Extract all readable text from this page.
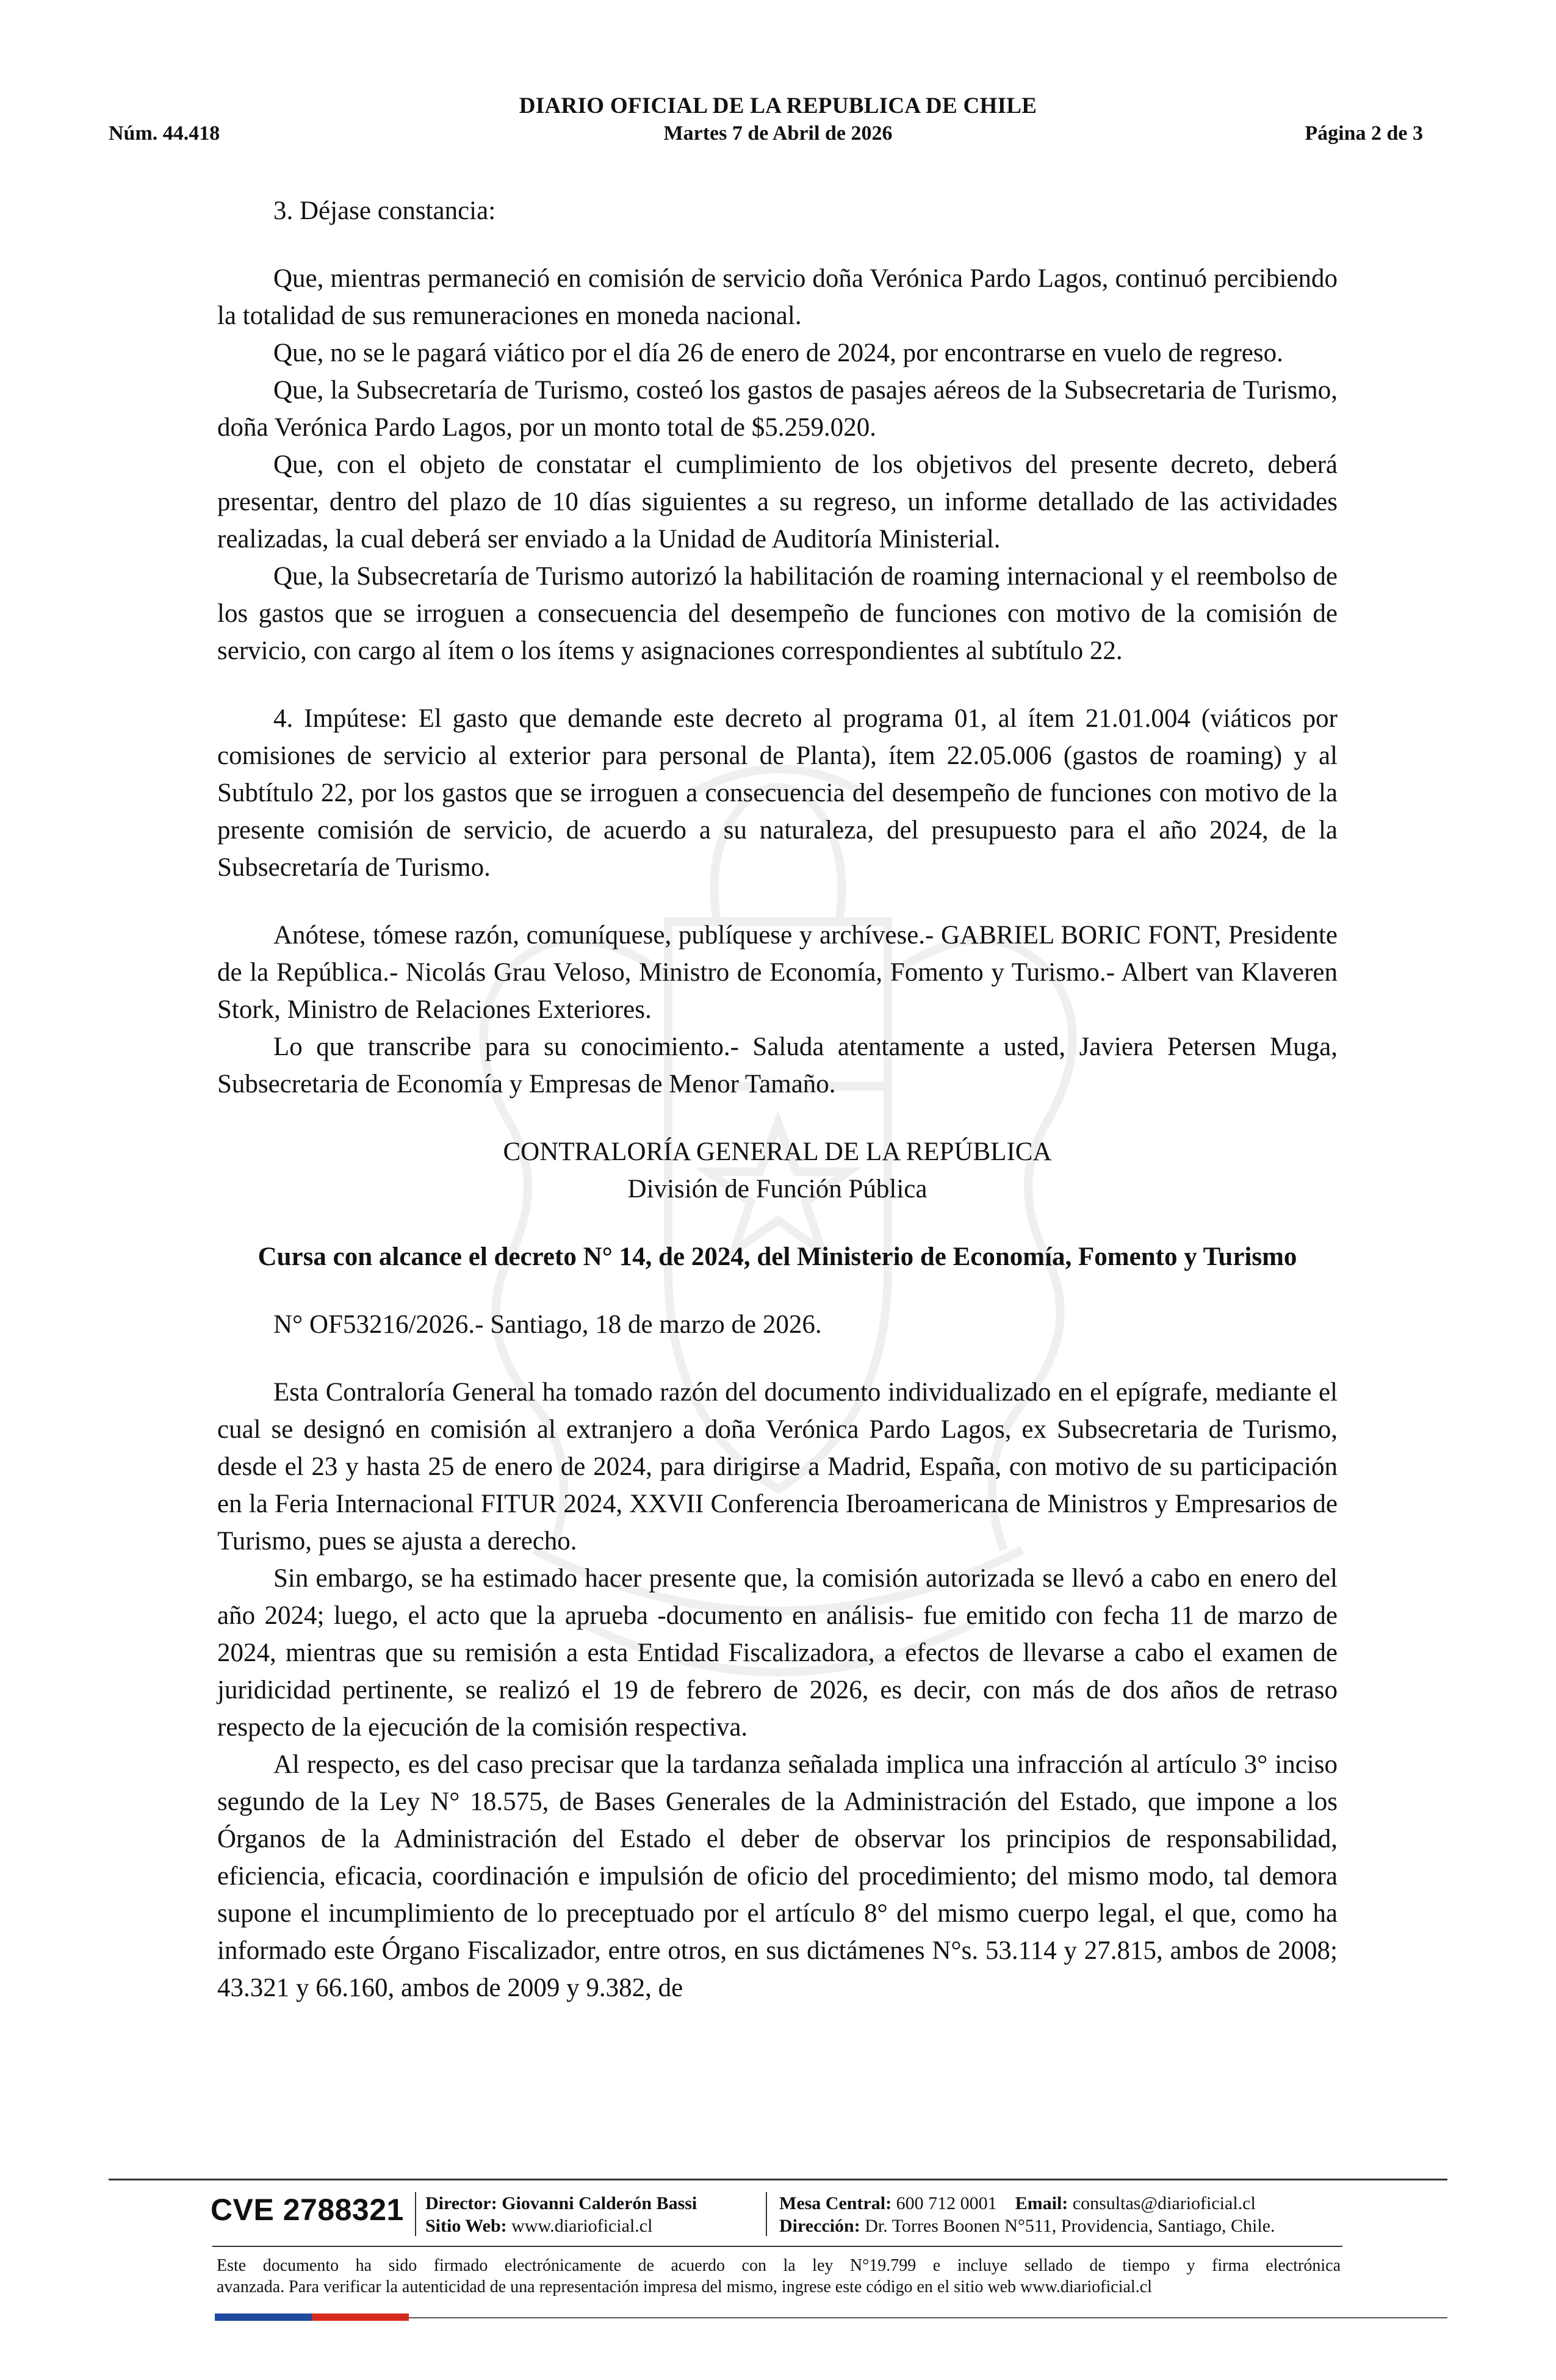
DIARIO OFICIAL DE LA REPUBLICA DE CHILE
Núm. 44.418	Martes 7 de Abril de 2026	Página 2 de 3

3. Déjase constancia:

Que, mientras permaneció en comisión de servicio doña Verónica Pardo Lagos, continuó percibiendo la totalidad de sus remuneraciones en moneda nacional.

Que, no se le pagará viático por el día 26 de enero de 2024, por encontrarse en vuelo de regreso.

Que, la Subsecretaría de Turismo, costeó los gastos de pasajes aéreos de la Subsecretaria de Turismo, doña Verónica Pardo Lagos, por un monto total de $5.259.020.

Que, con el objeto de constatar el cumplimiento de los objetivos del presente decreto, deberá presentar, dentro del plazo de 10 días siguientes a su regreso, un informe detallado de las actividades realizadas, la cual deberá ser enviado a la Unidad de Auditoría Ministerial.

Que, la Subsecretaría de Turismo autorizó la habilitación de roaming internacional y el reembolso de los gastos que se irroguen a consecuencia del desempeño de funciones con motivo de la comisión de servicio, con cargo al ítem o los ítems y asignaciones correspondientes al subtítulo 22.

4. Impútese: El gasto que demande este decreto al programa 01, al ítem 21.01.004 (viáticos por comisiones de servicio al exterior para personal de Planta), ítem 22.05.006 (gastos de roaming) y al Subtítulo 22, por los gastos que se irroguen a consecuencia del desempeño de funciones con motivo de la presente comisión de servicio, de acuerdo a su naturaleza, del presupuesto para el año 2024, de la Subsecretaría de Turismo.

Anótese, tómese razón, comuníquese, publíquese y archívese.- GABRIEL BORIC FONT, Presidente de la República.- Nicolás Grau Veloso, Ministro de Economía, Fomento y Turismo.- Albert van Klaveren Stork, Ministro de Relaciones Exteriores.

Lo que transcribe para su conocimiento.- Saluda atentamente a usted, Javiera Petersen Muga, Subsecretaria de Economía y Empresas de Menor Tamaño.

CONTRALORÍA GENERAL DE LA REPÚBLICA

División de Función Pública

Cursa con alcance el decreto N° 14, de 2024, del Ministerio de Economía, Fomento y Turismo

N° OF53216/2026.- Santiago, 18 de marzo de 2026.

Esta Contraloría General ha tomado razón del documento individualizado en el epígrafe, mediante el cual se designó en comisión al extranjero a doña Verónica Pardo Lagos, ex Subsecretaria de Turismo, desde el 23 y hasta 25 de enero de 2024, para dirigirse a Madrid, España, con motivo de su participación en la Feria Internacional FITUR 2024, XXVII Conferencia Iberoamericana de Ministros y Empresarios de Turismo, pues se ajusta a derecho.

Sin embargo, se ha estimado hacer presente que, la comisión autorizada se llevó a cabo en enero del año 2024; luego, el acto que la aprueba -documento en análisis- fue emitido con fecha 11 de marzo de 2024, mientras que su remisión a esta Entidad Fiscalizadora, a efectos de llevarse a cabo el examen de juridicidad pertinente, se realizó el 19 de febrero de 2026, es decir, con más de dos años de retraso respecto de la ejecución de la comisión respectiva.

Al respecto, es del caso precisar que la tardanza señalada implica una infracción al artículo 3° inciso segundo de la Ley N° 18.575, de Bases Generales de la Administración del Estado, que impone a los Órganos de la Administración del Estado el deber de observar los principios de responsabilidad, eficiencia, eficacia, coordinación e impulsión de oficio del procedimiento; del mismo modo, tal demora supone el incumplimiento de lo preceptuado por el artículo 8° del mismo cuerpo legal, el que, como ha informado este Órgano Fiscalizador, entre otros, en sus dictámenes N°s. 53.114 y 27.815, ambos de 2008; 43.321 y 66.160, ambos de 2009 y 9.382, de

CVE 2788321 Director: Giovanni Calderón Bassi
Sitio Web: www.diarioficial.cl
Mesa Central: 600 712 0001 Email: consultas@diarioficial.cl
Dirección: Dr. Torres Boonen N°511, Providencia, Santiago, Chile.
Este documento ha sido firmado electrónicamente de acuerdo con la ley N°19.799 e incluye sellado de tiempo y firma electrónica
avanzada. Para verificar la autenticidad de una representación impresa del mismo, ingrese este código en el sitio web www.diarioficial.cl
